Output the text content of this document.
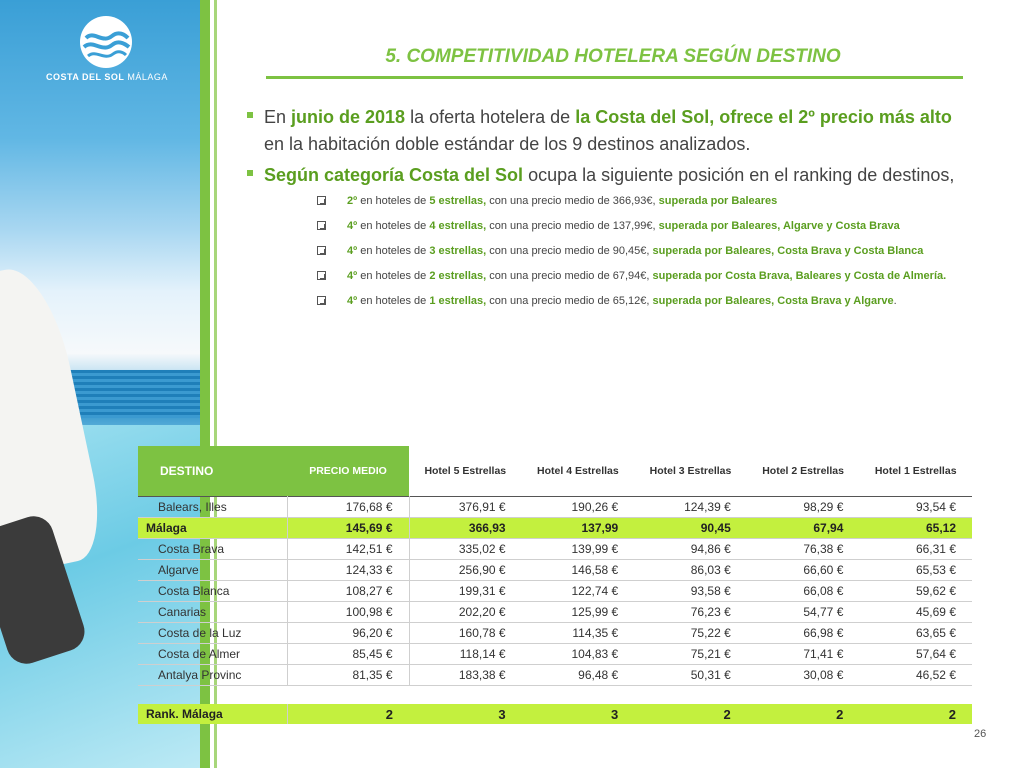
COSTA DEL SOL MÁLAGA
5. COMPETITIVIDAD HOTELERA SEGÚN DESTINO
En junio de 2018 la oferta hotelera de la Costa del Sol, ofrece el 2º precio más alto en la habitación doble estándar de los 9 destinos analizados.
Según categoría Costa del Sol ocupa la siguiente posición en el ranking de destinos,
2º en hoteles de 5 estrellas, con una precio medio de 366,93€, superada por Baleares
4º en hoteles de 4 estrellas, con una precio medio de 137,99€, superada por Baleares, Algarve y Costa Brava
4º en hoteles de 3 estrellas, con una precio medio de 90,45€, superada por Baleares, Costa Brava y Costa Blanca
4º en hoteles de 2 estrellas, con una precio medio de 67,94€, superada por Costa Brava, Baleares y Costa de Almería.
4º en hoteles de 1 estrellas, con una precio medio de 65,12€, superada por Baleares, Costa Brava y Algarve.
DESTINO	PRECIO MEDIO	Hotel 5 Estrellas	Hotel 4 Estrellas	Hotel 3 Estrellas	Hotel 2 Estrellas	Hotel 1 Estrellas
Balears, Illes	176,68 €	376,91 €	190,26 €	124,39 €	98,29 €	93,54 €
Málaga	145,69 €	366,93	137,99	90,45	67,94	65,12
Costa Brava	142,51 €	335,02 €	139,99 €	94,86 €	76,38 €	66,31 €
Algarve	124,33 €	256,90 €	146,58 €	86,03 €	66,60 €	65,53 €
Costa Blanca	108,27 €	199,31 €	122,74 €	93,58 €	66,08 €	59,62 €
Canarias	100,98 €	202,20 €	125,99 €	76,23 €	54,77 €	45,69 €
Costa de la Luz	96,20 €	160,78 €	114,35 €	75,22 €	66,98 €	63,65 €
Costa de Almer	85,45 €	118,14 €	104,83 €	75,21 €	71,41 €	57,64 €
Antalya Provinc	81,35 €	183,38 €	96,48 €	50,31 €	30,08 €	46,52 €

Rank. Málaga	2	3	3	2	2	2
26
